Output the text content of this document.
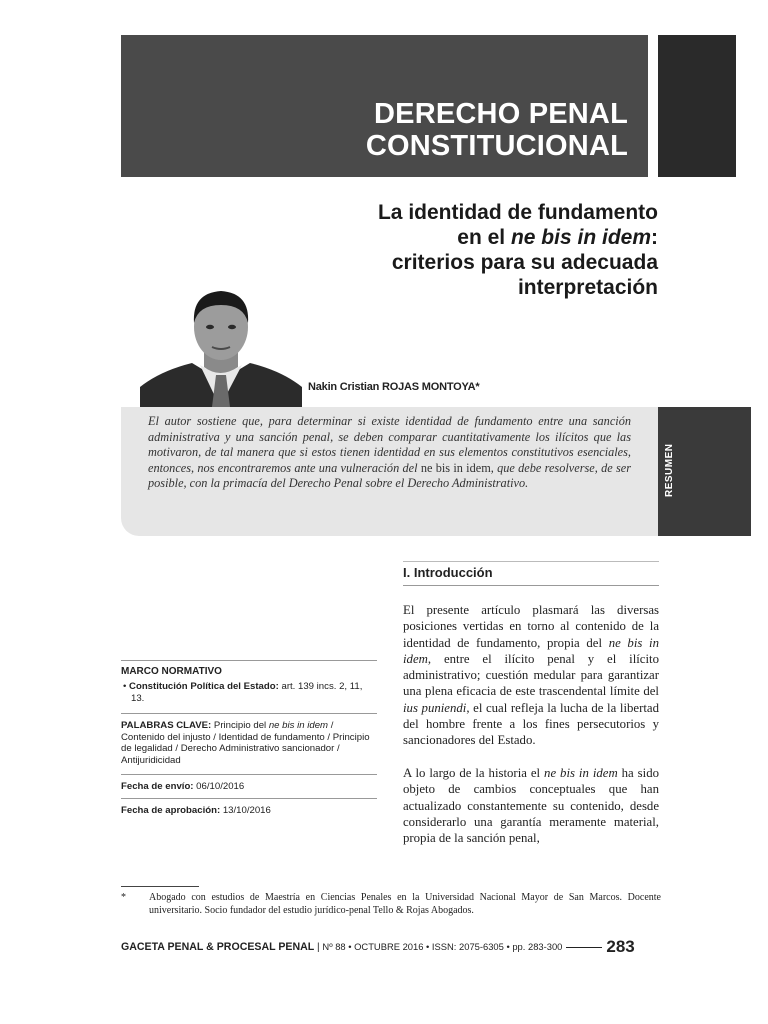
DERECHO PENAL
CONSTITUCIONAL
La identidad de fundamento
en el ne bis in idem:
criterios para su adecuada
interpretación
Nakin Cristian ROJAS MONTOYA*
RESUMEN
El autor sostiene que, para determinar si existe identidad de fundamento entre una sanción administrativa y una sanción penal, se deben comparar cuantitativamente los ilícitos que las motivaron, de tal manera que si estos tienen identidad en sus elementos constitutivos esenciales, entonces, nos encontraremos ante una vulneración del ne bis in idem, que debe resolverse, de ser posible, con la primacía del Derecho Penal sobre el Derecho Administrativo.
I. Introducción
El presente artículo plasmará las diversas posiciones vertidas en torno al contenido de la identidad de fundamento, propia del ne bis in idem, entre el ilícito penal y el ilícito administrativo; cuestión medular para garantizar una plena eficacia de este trascendental límite del ius puniendi, el cual refleja la lucha de la libertad del hombre frente a los fines persecutorios y sancionadores del Estado.
A lo largo de la historia el ne bis in idem ha sido objeto de cambios conceptuales que han actualizado constantemente su contenido, desde considerarlo una garantía meramente material, propia de la sanción penal,
MARCO NORMATIVO
• Constitución Política del Estado: art. 139 incs. 2, 11, 13.
PALABRAS CLAVE: Principio del ne bis in idem / Contenido del injusto / Identidad de fundamento / Principio de legalidad / Derecho Administrativo sancionador / Antijuridicidad
Fecha de envío: 06/10/2016
Fecha de aprobación: 13/10/2016
* Abogado con estudios de Maestría en Ciencias Penales en la Universidad Nacional Mayor de San Marcos. Docente universitario. Socio fundador del estudio jurídico-penal Tello & Rojas Abogados.
GACETA PENAL & PROCESAL PENAL | Nº 88 • OCTUBRE 2016 • ISSN: 2075-6305 • pp. 283-300	283
